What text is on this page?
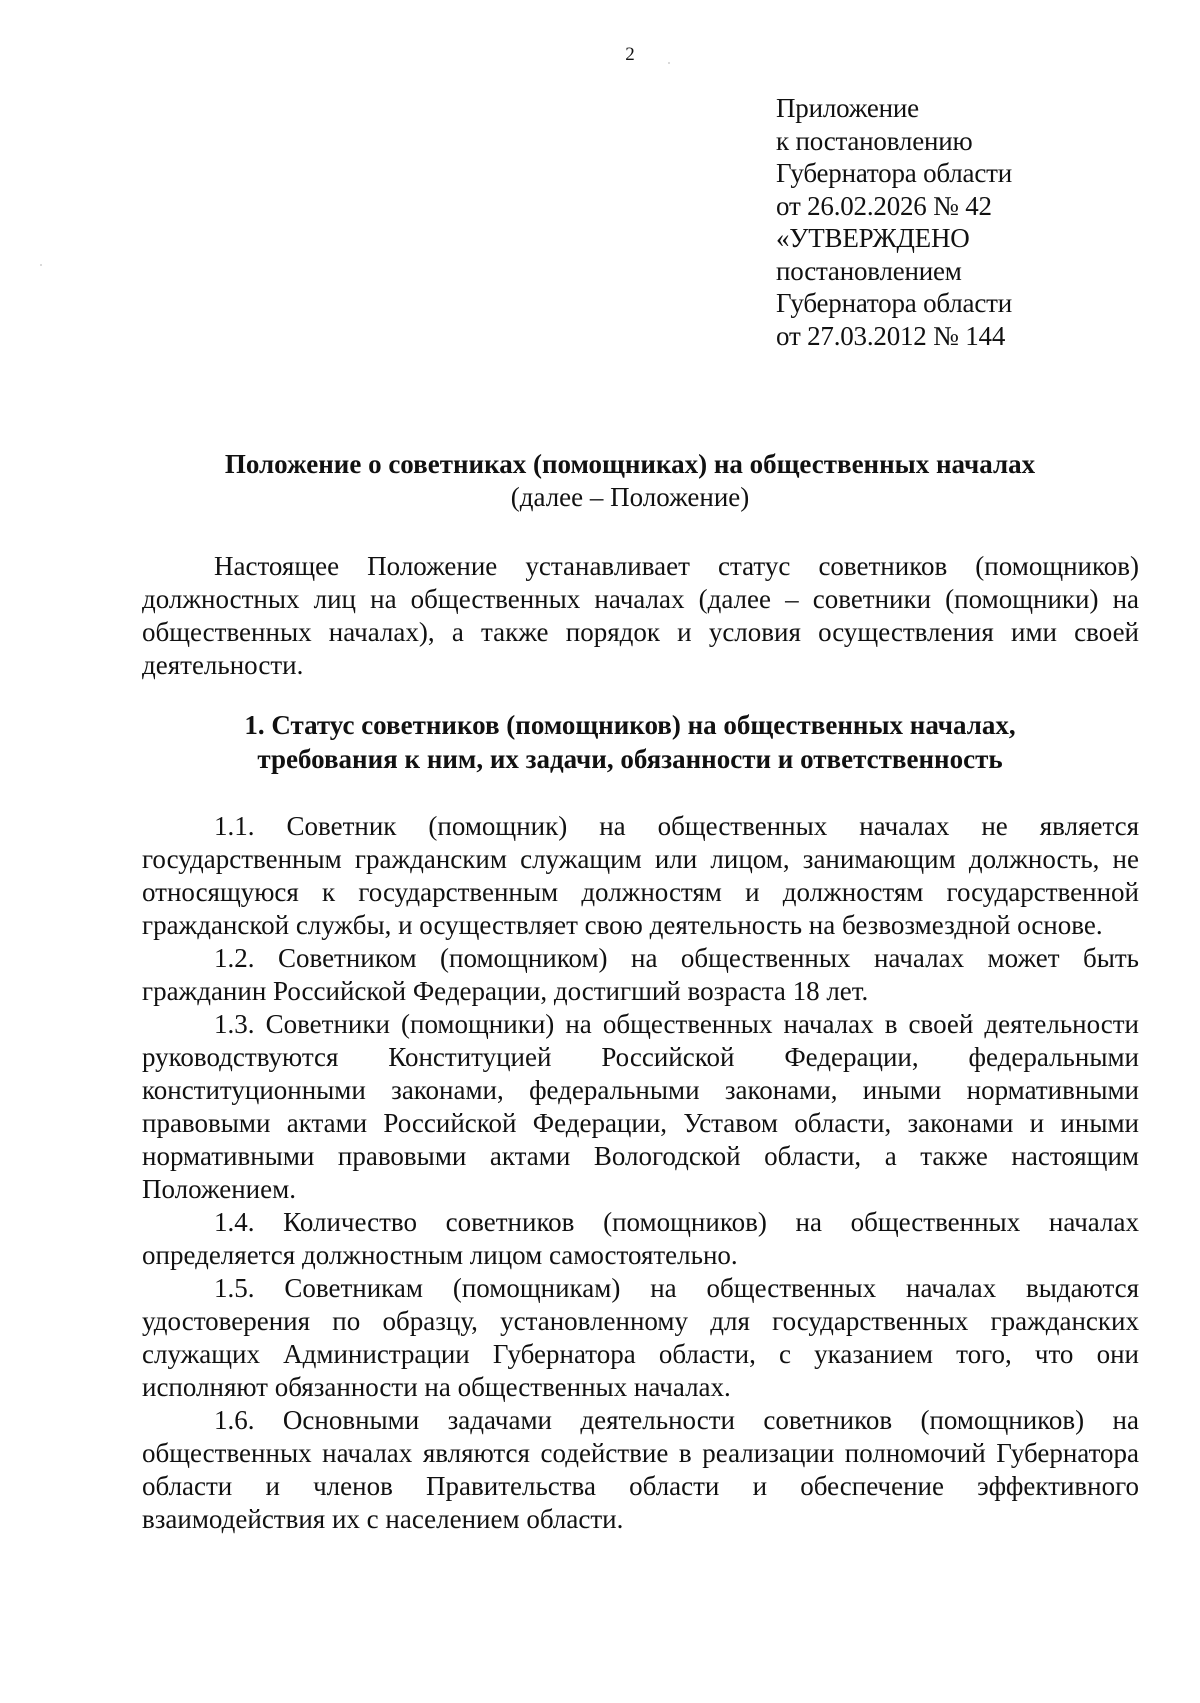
2
Приложение
к постановлению
Губернатора области
от 26.02.2026 № 42
«УТВЕРЖДЕНО
постановлением
Губернатора области
от 27.03.2012 № 144
Положение о советниках (помощниках) на общественных началах
(далее – Положение)

Настоящее Положение устанавливает статус советников (помощников) должностных лиц на общественных началах (далее – советники (помощники) на общественных началах), а также порядок и условия осуществления ими своей деятельности.

1. Статус советников (помощников) на общественных началах,
требования к ним, их задачи, обязанности и ответственность

1.1. Советник (помощник) на общественных началах не является государственным гражданским служащим или лицом, занимающим должность, не относящуюся к государственным должностям и должностям государственной гражданской службы, и осуществляет свою деятельность на безвозмездной основе.

1.2. Советником (помощником) на общественных началах может быть гражданин Российской Федерации, достигший возраста 18 лет.

1.3. Советники (помощники) на общественных началах в своей деятельности руководствуются Конституцией Российской Федерации, федеральными конституционными законами, федеральными законами, иными нормативными правовыми актами Российской Федерации, Уставом области, законами и иными нормативными правовыми актами Вологодской области, а также настоящим Положением.

1.4. Количество советников (помощников) на общественных началах определяется должностным лицом самостоятельно.

1.5. Советникам (помощникам) на общественных началах выдаются удостоверения по образцу, установленному для государственных гражданских служащих Администрации Губернатора области, с указанием того, что они исполняют обязанности на общественных началах.

1.6. Основными задачами деятельности советников (помощников) на общественных началах являются содействие в реализации полномочий Губернатора области и членов Правительства области и обеспечение эффективного взаимодействия их с населением области.
